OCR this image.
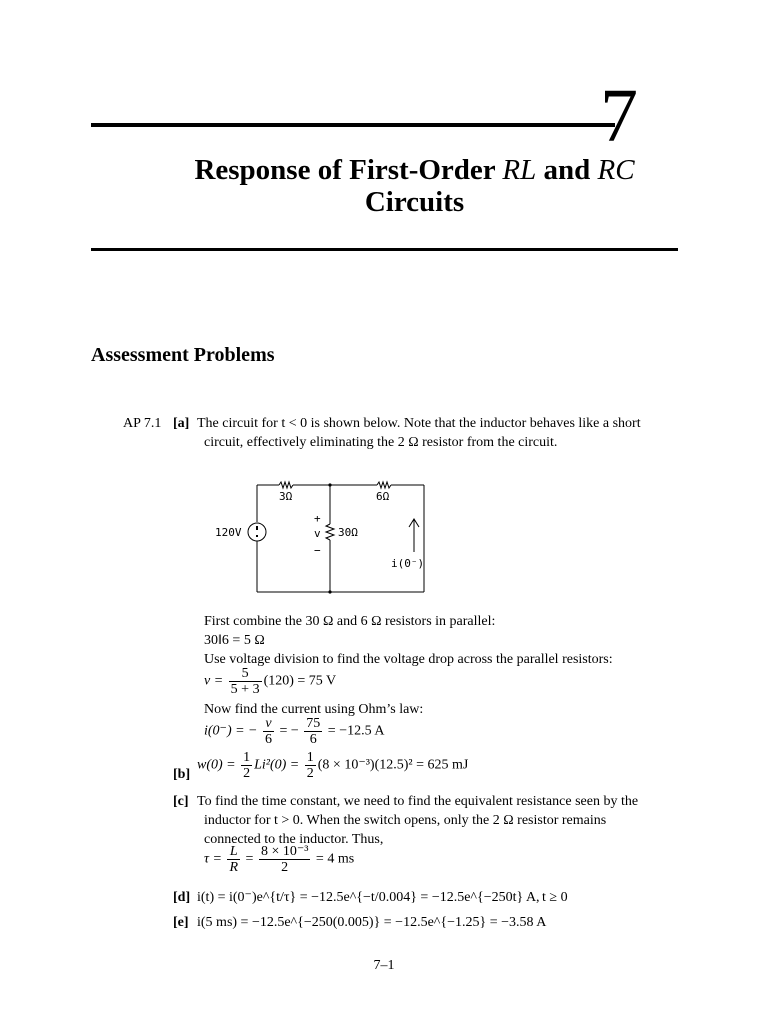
7
Response of First-Order RL and RC
Circuits
Assessment Problems
AP 7.1 [a] The circuit for t < 0 is shown below. Note that the inductor behaves like a short
circuit, effectively eliminating the 2 Ω resistor from the circuit.
3Ω	6Ω
120V
+
v
−
30Ω
i(0⁻)
First combine the 30 Ω and 6 Ω resistors in parallel:
30‖6 = 5 Ω
Use voltage division to find the voltage drop across the parallel resistors:
$v = \frac{5}{5 + 3} (120) = 75$ V
Now find the current using Ohm’s law:
i(0⁻) = − $\frac{v}{6}$ = − $\frac{75}{6} = -12.5$ A
[b]
$w(0) = \frac{1}{2} Li^2(0) = \frac{1}{2} (8 \times 10^{-3})(12.5)^2 = 625$ mJ
[c] To find the time constant, we need to find the equivalent resistance seen by the
inductor for t > 0. When the switch opens, only the 2 Ω resistor remains
connected to the inductor. Thus,
$\tau = \frac{L}{R} = \frac{\text{8 × 10⁻³}}{2} = 4$ ms
[d] i(t) = i(0⁻)e^{t/τ} = −12.5e^{−t/0.004} = −12.5e^{−250t} A, t ≥ 0
[e] i(5 ms) = −12.5e^{−250(0.005)} = −12.5e^{−1.25} = −3.58 A
7–1
